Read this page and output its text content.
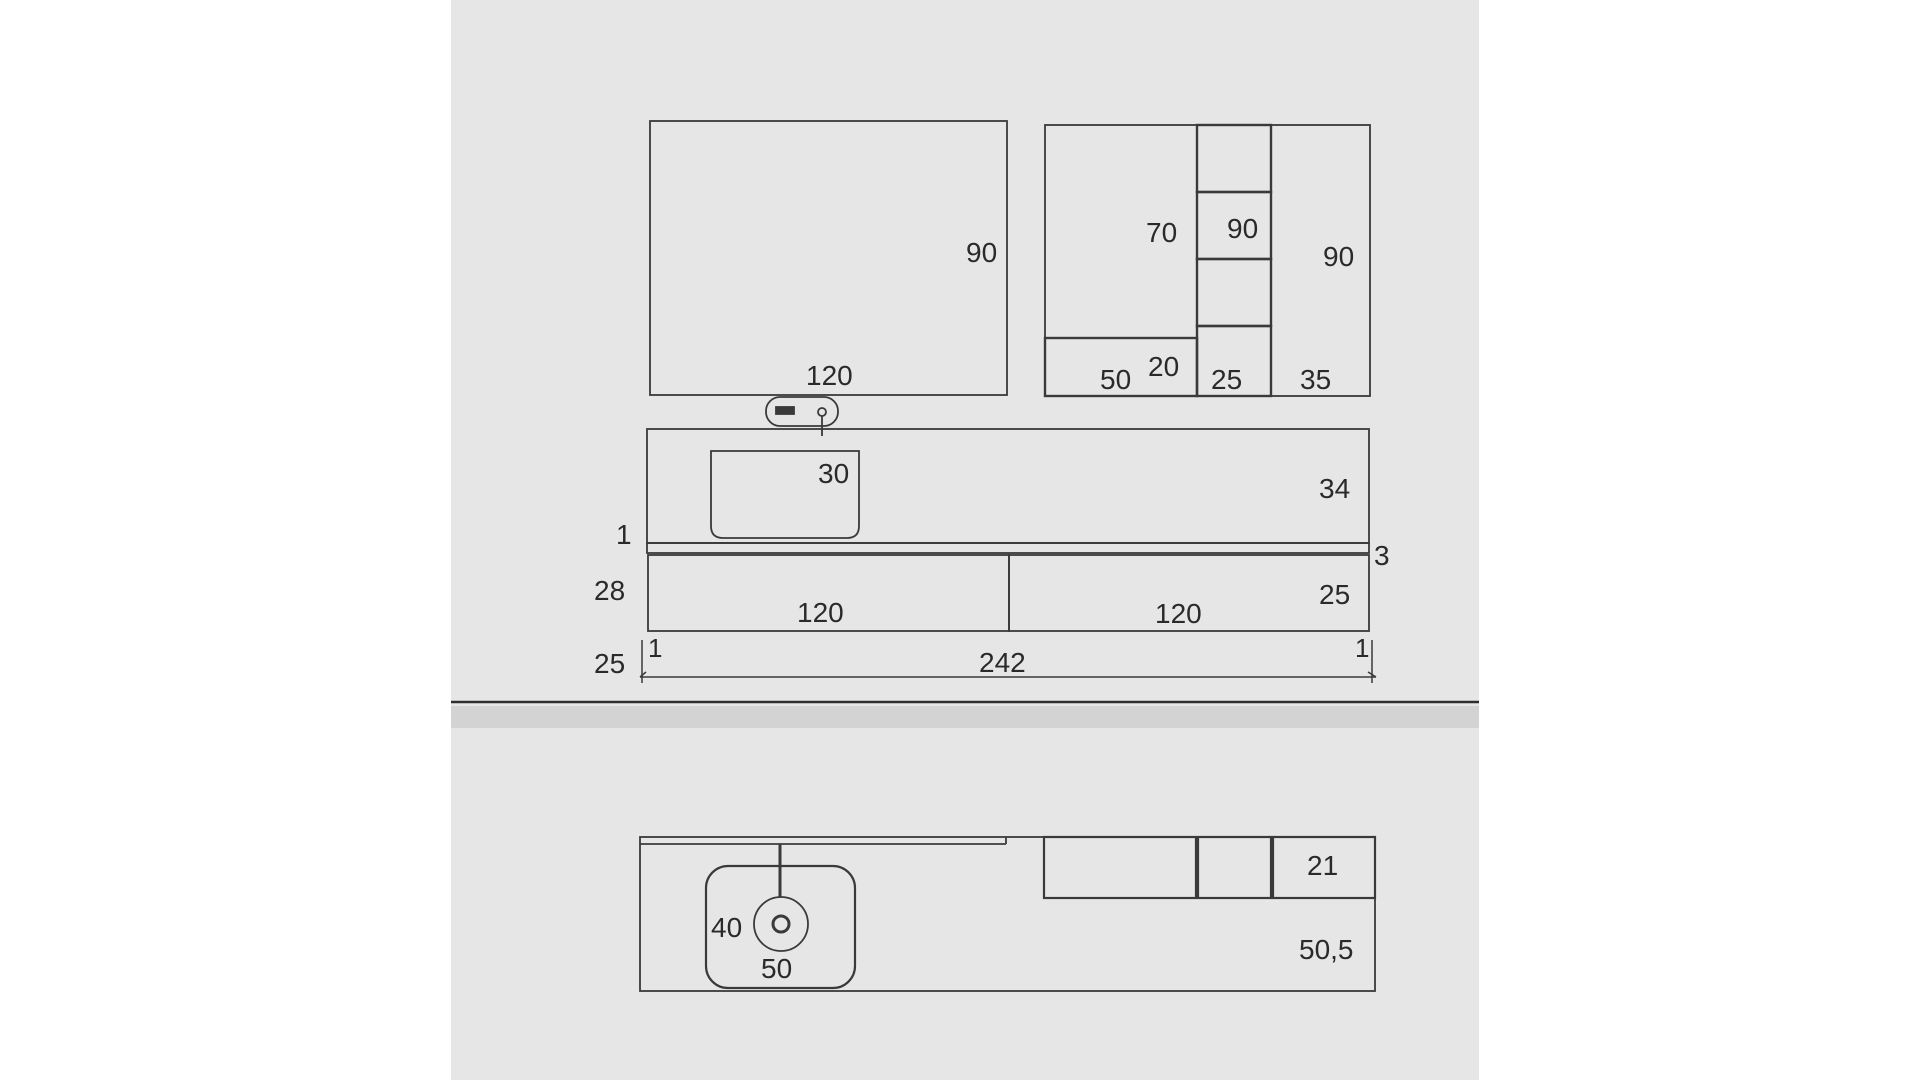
90
120
70 90
90
50 20 25 35
30	34
1
3
28	25
120	120
1	1
242
25
40
50
21
50,5
